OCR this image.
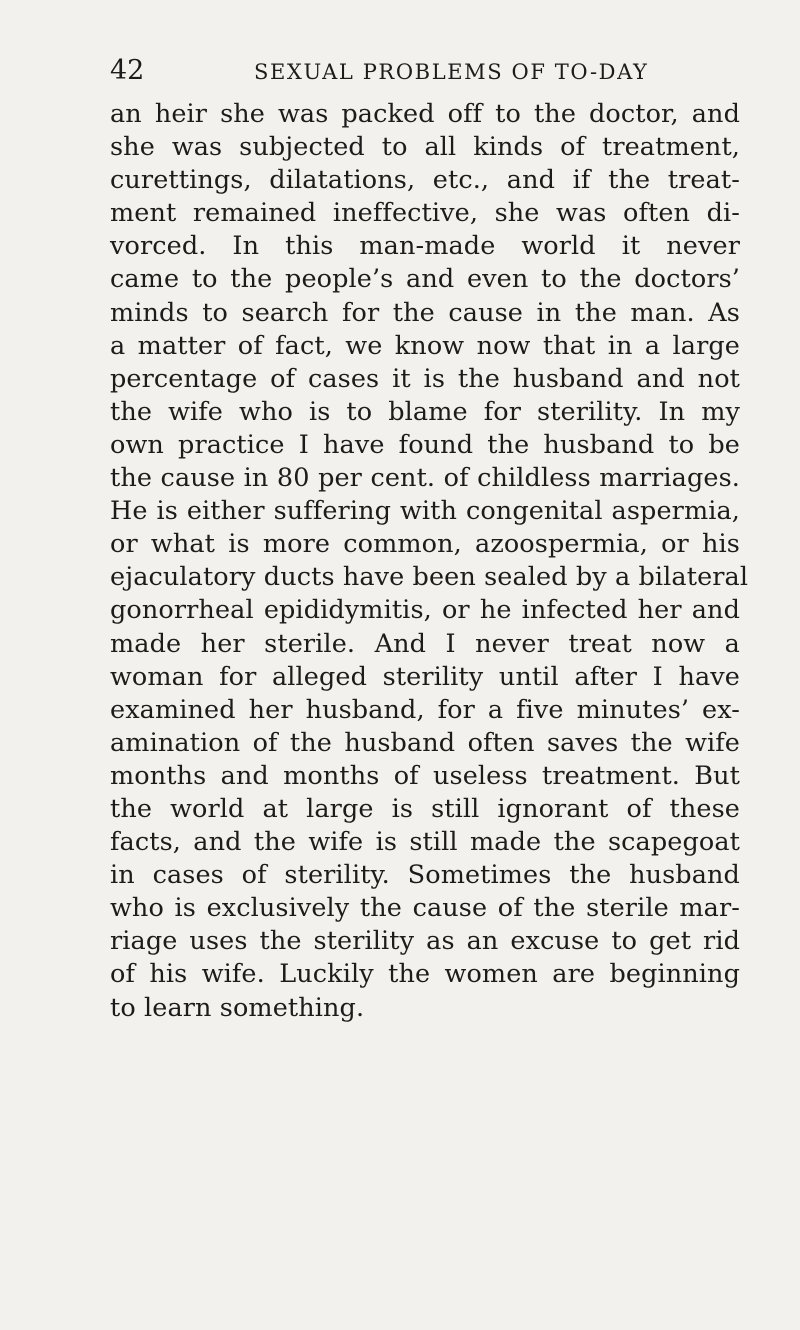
42	SEXUAL PROBLEMS OF TO-DAY
an heir she was packed off to the doctor, and
she was subjected to all kinds of treatment,
curettings, dilatations, etc., and if the treat-
ment remained ineffective, she was often di-
vorced. In this man-made world it never
came to the people’s and even to the doctors’
minds to search for the cause in the man. As
a matter of fact, we know now that in a large
percentage of cases it is the husband and not
the wife who is to blame for sterility. In my
own practice I have found the husband to be
the cause in 80 per cent. of childless marriages.
He is either suffering with congenital aspermia,
or what is more common, azoospermia, or his
ejaculatory ducts have been sealed by a bilateral
gonorrheal epididymitis, or he infected her and
made her sterile. And I never treat now a
woman for alleged sterility until after I have
examined her husband, for a five minutes’ ex-
amination of the husband often saves the wife
months and months of useless treatment. But
the world at large is still ignorant of these
facts, and the wife is still made the scapegoat
in cases of sterility. Sometimes the husband
who is exclusively the cause of the sterile mar-
riage uses the sterility as an excuse to get rid
of his wife. Luckily the women are beginning
to learn something.
